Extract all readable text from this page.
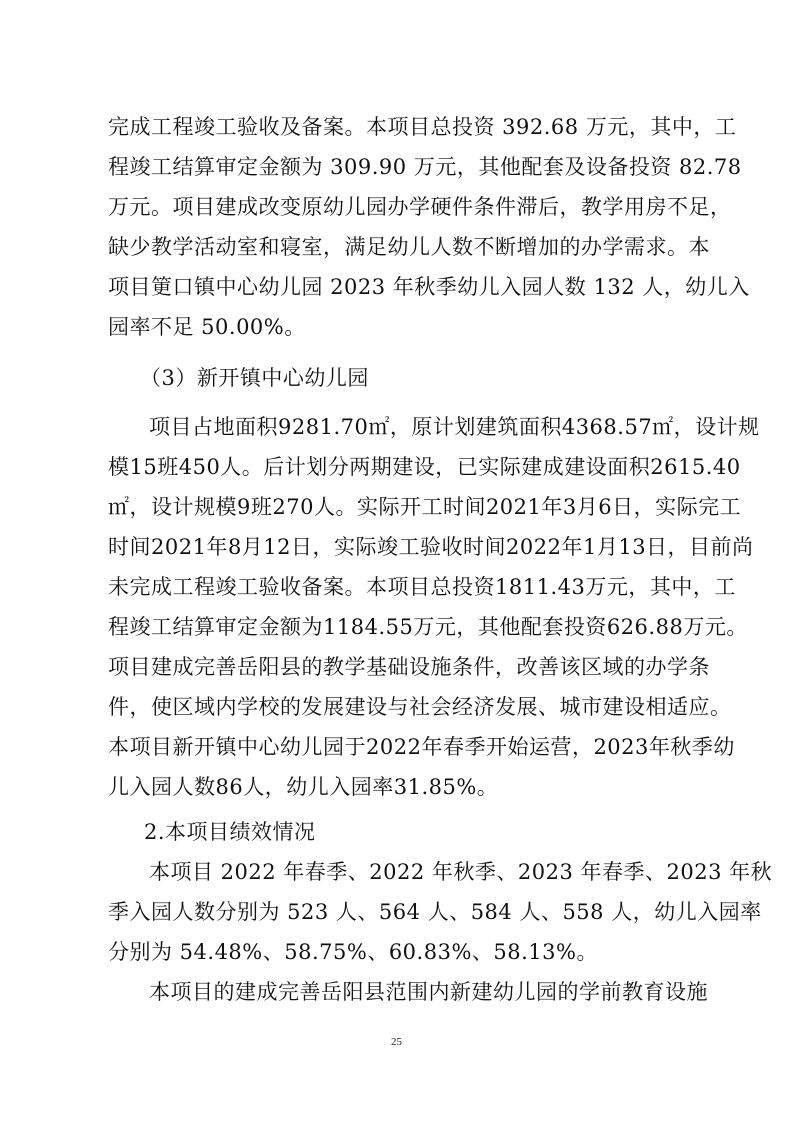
完成工程竣工验收及备案。本项目总投资 392.68 万元，其中，工
程竣工结算审定金额为 309.90 万元，其他配套及设备投资 82.78
万元。项目建成改变原幼儿园办学硬件条件滞后，教学用房不足，
缺少教学活动室和寝室，满足幼儿人数不断增加的办学需求。本
项目筻口镇中心幼儿园 2023 年秋季幼儿入园人数 132 人，幼儿入
园率不足 50.00%。
（3）新开镇中心幼儿园
项目占地面积9281.70㎡，原计划建筑面积4368.57㎡，设计规
模15班450人。后计划分两期建设，已实际建成建设面积2615.40
㎡，设计规模9班270人。实际开工时间2021年3月6日，实际完工
时间2021年8月12日，实际竣工验收时间2022年1月13日，目前尚
未完成工程竣工验收备案。本项目总投资1811.43万元，其中，工
程竣工结算审定金额为1184.55万元，其他配套投资626.88万元。
项目建成完善岳阳县的教学基础设施条件，改善该区域的办学条
件，使区域内学校的发展建设与社会经济发展、城市建设相适应。
本项目新开镇中心幼儿园于2022年春季开始运营，2023年秋季幼
儿入园人数86人，幼儿入园率31.85%。
2.本项目绩效情况
本项目 2022 年春季、2022 年秋季、2023 年春季、2023 年秋
季入园人数分别为 523 人、564 人、584 人、558 人，幼儿入园率
分别为 54.48%、58.75%、60.83%、58.13%。
本项目的建成完善岳阳县范围内新建幼儿园的学前教育设施
25
